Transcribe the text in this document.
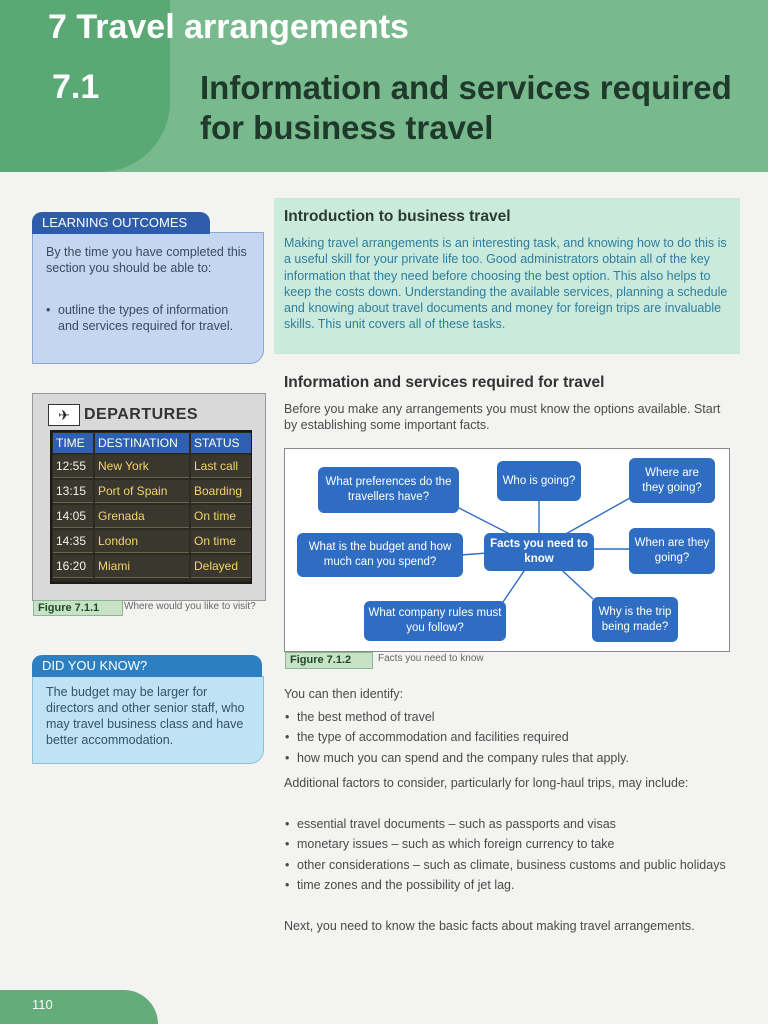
7 Travel arrangements
7.1	Information and services required for business travel
LEARNING OUTCOMES
By the time you have completed this section you should be able to:
• outline the types of information and services required for travel.
✈ DEPARTURES
TIME	DESTINATION	STATUS
12:55	New York	Last call
13:15	Port of Spain	Boarding
14:05	Grenada	On time
14:35	London	On time
16:20	Miami	Delayed
Figure 7.1.1	Where would you like to visit?
DID YOU KNOW?
The budget may be larger for directors and other senior staff, who may travel business class and have better accommodation.
Introduction to business travel
Making travel arrangements is an interesting task, and knowing how to do this is a useful skill for your private life too. Good administrators obtain all of the key information that they need before choosing the best option. This also helps to keep the costs down. Understanding the available services, planning a schedule and knowing about travel documents and money for foreign trips are invaluable skills. This unit covers all of these tasks.
Information and services required for travel
Before you make any arrangements you must know the options available. Start by establishing some important facts.
What preferences do the travellers have?
Who is going?
Where are they going?
What is the budget and how much can you spend?
Facts you need to know
When are they going?
What company rules must you follow?
Why is the trip being made?
Figure 7.1.2	Facts you need to know
You can then identify:
• the best method of travel
• the type of accommodation and facilities required
• how much you can spend and the company rules that apply.
Additional factors to consider, particularly for long-haul trips, may include:
• essential travel documents – such as passports and visas
• monetary issues – such as which foreign currency to take
• other considerations – such as climate, business customs and public holidays
• time zones and the possibility of jet lag.
Next, you need to know the basic facts about making travel arrangements.
110
